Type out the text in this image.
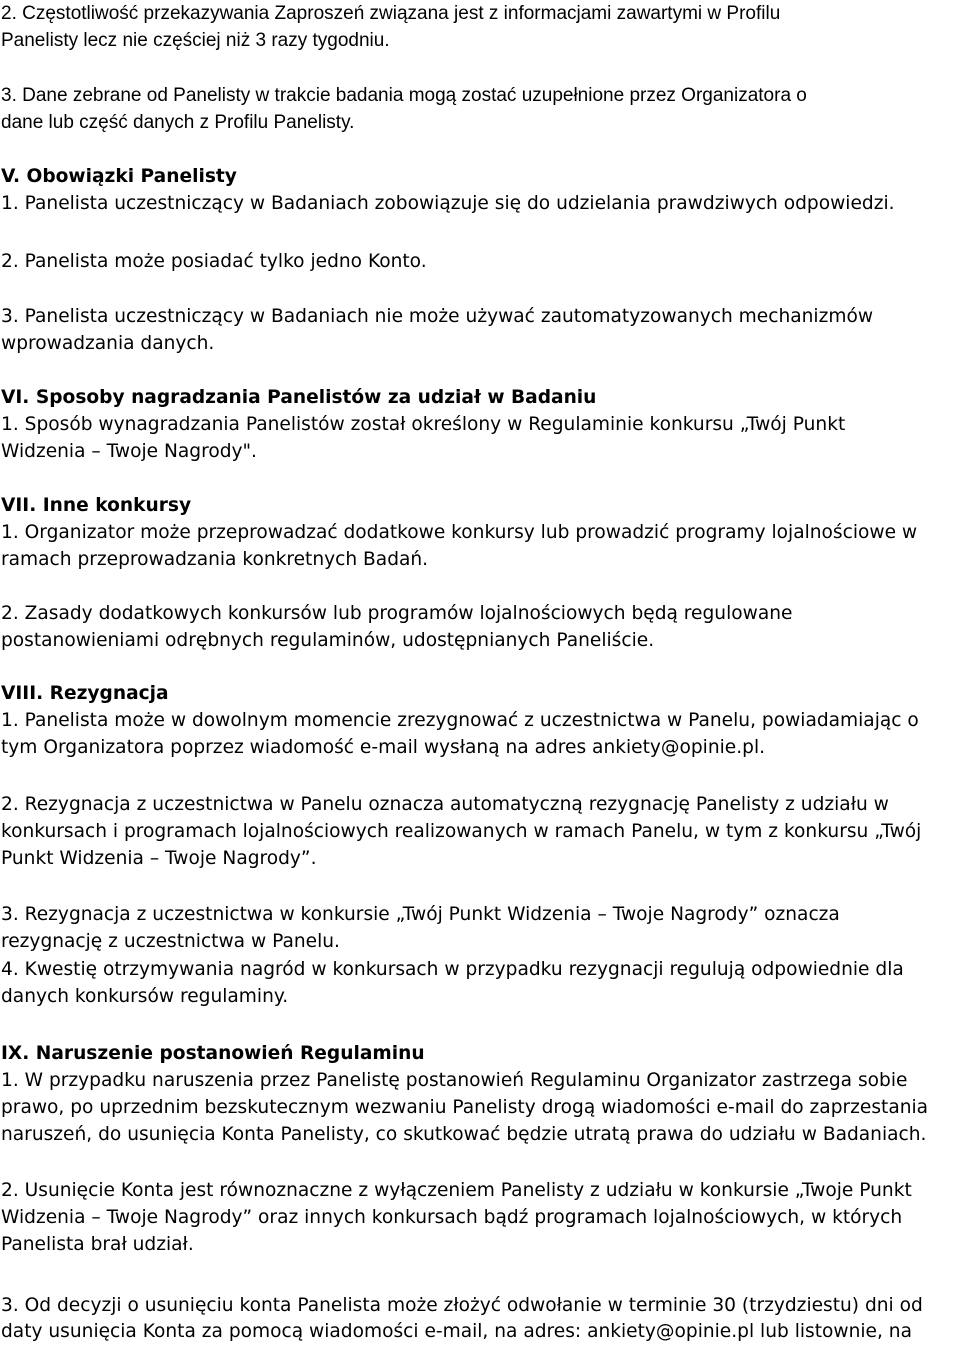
2. Częstotliwość przekazywania Zaproszeń związana jest z informacjami zawartymi w Profilu

Panelisty lecz nie częściej niż 3 razy tygodniu.

3. Dane zebrane od Panelisty w trakcie badania mogą zostać uzupełnione przez Organizatora o

dane lub część danych z Profilu Panelisty.

V. Obowiązki Panelisty

1. Panelista uczestniczący w Badaniach zobowiązuje się do udzielania prawdziwych odpowiedzi.

2. Panelista może posiadać tylko jedno Konto.

3. Panelista uczestniczący w Badaniach nie może używać zautomatyzowanych mechanizmów

wprowadzania danych.

VI. Sposoby nagradzania Panelistów za udział w Badaniu

1. Sposób wynagradzania Panelistów został określony w Regulaminie konkursu „Twój Punkt

Widzenia – Twoje Nagrody".

VII. Inne konkursy

1. Organizator może przeprowadzać dodatkowe konkursy lub prowadzić programy lojalnościowe w

ramach przeprowadzania konkretnych Badań.

2. Zasady dodatkowych konkursów lub programów lojalnościowych będą regulowane

postanowieniami odrębnych regulaminów, udostępnianych Paneliście.

VIII. Rezygnacja

1. Panelista może w dowolnym momencie zrezygnować z uczestnictwa w Panelu, powiadamiając o

tym Organizatora poprzez wiadomość e-mail wysłaną na adres ankiety@opinie.pl.

2. Rezygnacja z uczestnictwa w Panelu oznacza automatyczną rezygnację Panelisty z udziału w

konkursach i programach lojalnościowych realizowanych w ramach Panelu, w tym z konkursu „Twój

Punkt Widzenia – Twoje Nagrody”.

3. Rezygnacja z uczestnictwa w konkursie „Twój Punkt Widzenia – Twoje Nagrody” oznacza

rezygnację z uczestnictwa w Panelu.

4. Kwestię otrzymywania nagród w konkursach w przypadku rezygnacji regulują odpowiednie dla

danych konkursów regulaminy.

IX. Naruszenie postanowień Regulaminu

1. W przypadku naruszenia przez Panelistę postanowień Regulaminu Organizator zastrzega sobie

prawo, po uprzednim bezskutecznym wezwaniu Panelisty drogą wiadomości e-mail do zaprzestania

naruszeń, do usunięcia Konta Panelisty, co skutkować będzie utratą prawa do udziału w Badaniach.

2. Usunięcie Konta jest równoznaczne z wyłączeniem Panelisty z udziału w konkursie „Twoje Punkt

Widzenia – Twoje Nagrody” oraz innych konkursach bądź programach lojalnościowych, w których

Panelista brał udział.

3. Od decyzji o usunięciu konta Panelista może złożyć odwołanie w terminie 30 (trzydziestu) dni od

daty usunięcia Konta za pomocą wiadomości e-mail, na adres: ankiety@opinie.pl lub listownie, na
